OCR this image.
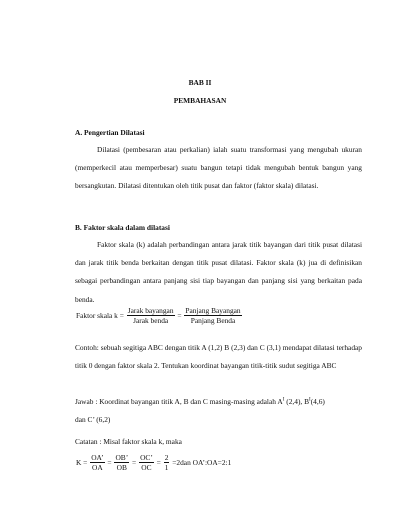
BAB II
PEMBAHASAN
A. Pengertian Dilatasi
Dilatasi (pembesaran atau perkalian) ialah suatu transformasi yang mengubah ukuran (memperkecil atau memperbesar) suatu bangun tetapi tidak mengubah bentuk bangun yang bersangkutan. Dilatasi ditentukan oleh titik pusat dan faktor (faktor skala) dilatasi.
B. Faktor skala dalam dilatasi
Faktor skala (k) adalah perbandingan antara jarak titik bayangan dari titik pusat dilatasi dan jarak titik benda berkaitan dengan titik pusat dilatasi. Faktor skala (k) jua di definisikan sebagai perbandingan antara panjang sisi tiap bayangan dan panjang sisi yang berkaitan pada benda.
Faktor skala $k = \frac{\text{Jarak bayangan}}{\text{Jarak benda}} = \frac{\text{Panjang Bayangan}}{\text{Panjang Benda}}$
Contoh: sebuah segitiga ABC dengan titik A (1,2) B (2,3) dan C (3,1) mendapat dilatasi terhadap titik 0 dengan faktor skala 2. Tentukan koordinat bayangan titik-titik sudut segitiga ABC
Jawab : Koordinat bayangan titik A, B dan C masing-masing adalah $A^I$ (2,4), $B^I(4,6)$
dan C’ (6,2)
Catatan : Misal faktor skala k, maka
$K = \frac{OA’}{OA} = \frac{OB’}{OB} = \frac{OC’}{OC} = \frac{2}{1} =2dan$ OA’:OA=2:1
